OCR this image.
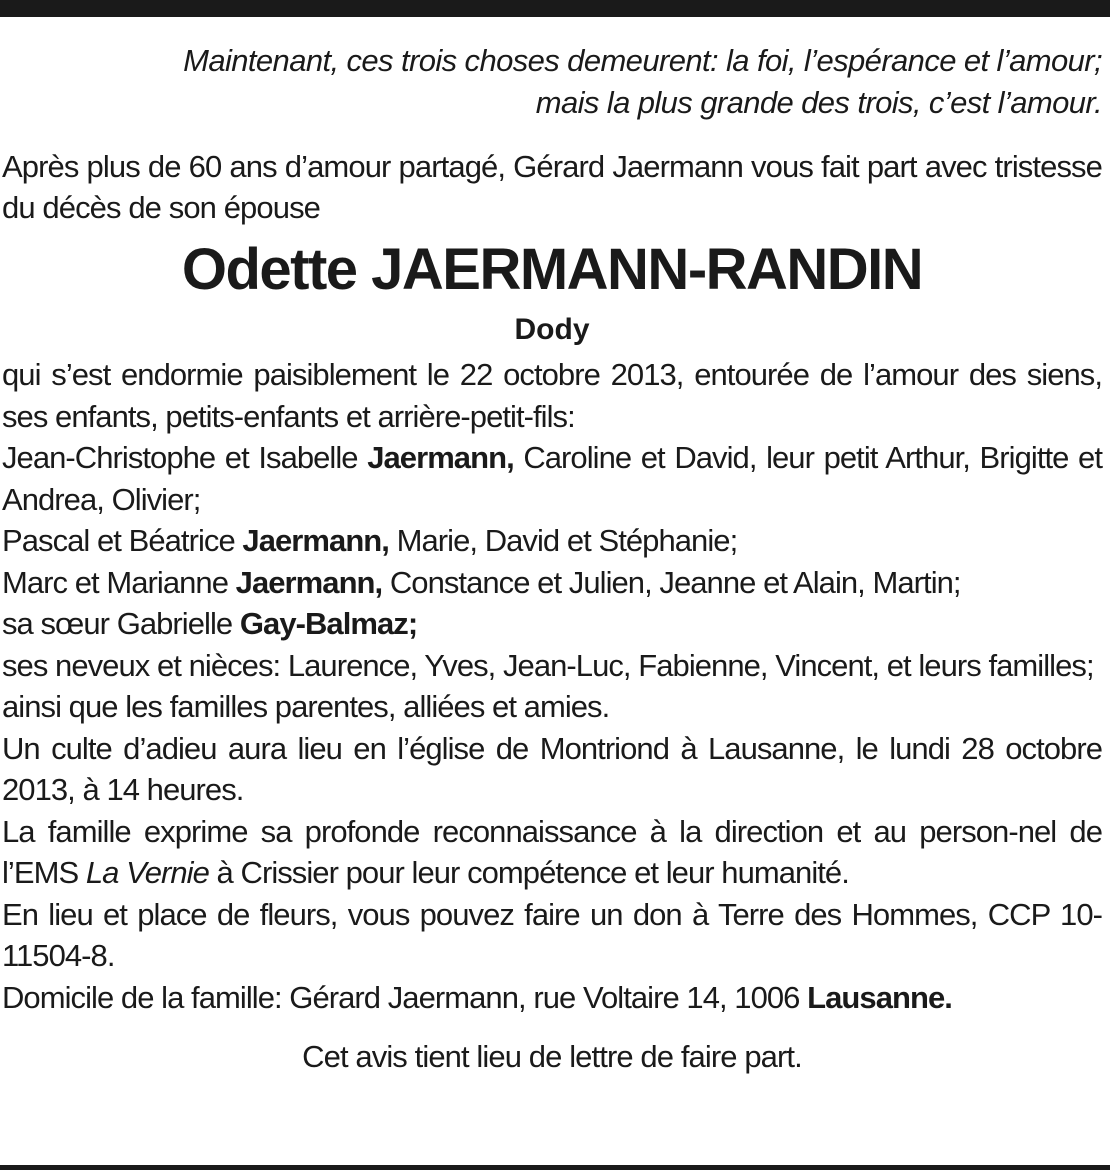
Maintenant, ces trois choses demeurent: la foi, l’espérance et l’amour;
mais la plus grande des trois, c’est l’amour.

Après plus de 60 ans d’amour partagé, Gérard Jaermann vous fait part avec tristesse du décès de son épouse

Odette JAERMANN-RANDIN

Dody

qui s’est endormie paisiblement le 22 octobre 2013, entourée de l’amour des siens, ses enfants, petits-enfants et arrière-petit-fils:

Jean-Christophe et Isabelle Jaermann, Caroline et David, leur petit Arthur, Brigitte et Andrea, Olivier;

Pascal et Béatrice Jaermann, Marie, David et Stéphanie;

Marc et Marianne Jaermann, Constance et Julien, Jeanne et Alain, Martin;

sa sœur Gabrielle Gay-Balmaz;

ses neveux et nièces: Laurence, Yves, Jean-Luc, Fabienne, Vincent, et leurs familles;

ainsi que les familles parentes, alliées et amies.

Un culte d’adieu aura lieu en l’église de Montriond à Lausanne, le lundi 28 octobre 2013, à 14 heures.

La famille exprime sa profonde reconnaissance à la direction et au person-nel de l’EMS La Vernie à Crissier pour leur compétence et leur humanité.

En lieu et place de fleurs, vous pouvez faire un don à Terre des Hommes, CCP 10-11504-8.

Domicile de la famille: Gérard Jaermann, rue Voltaire 14, 1006 Lausanne.

Cet avis tient lieu de lettre de faire part.
